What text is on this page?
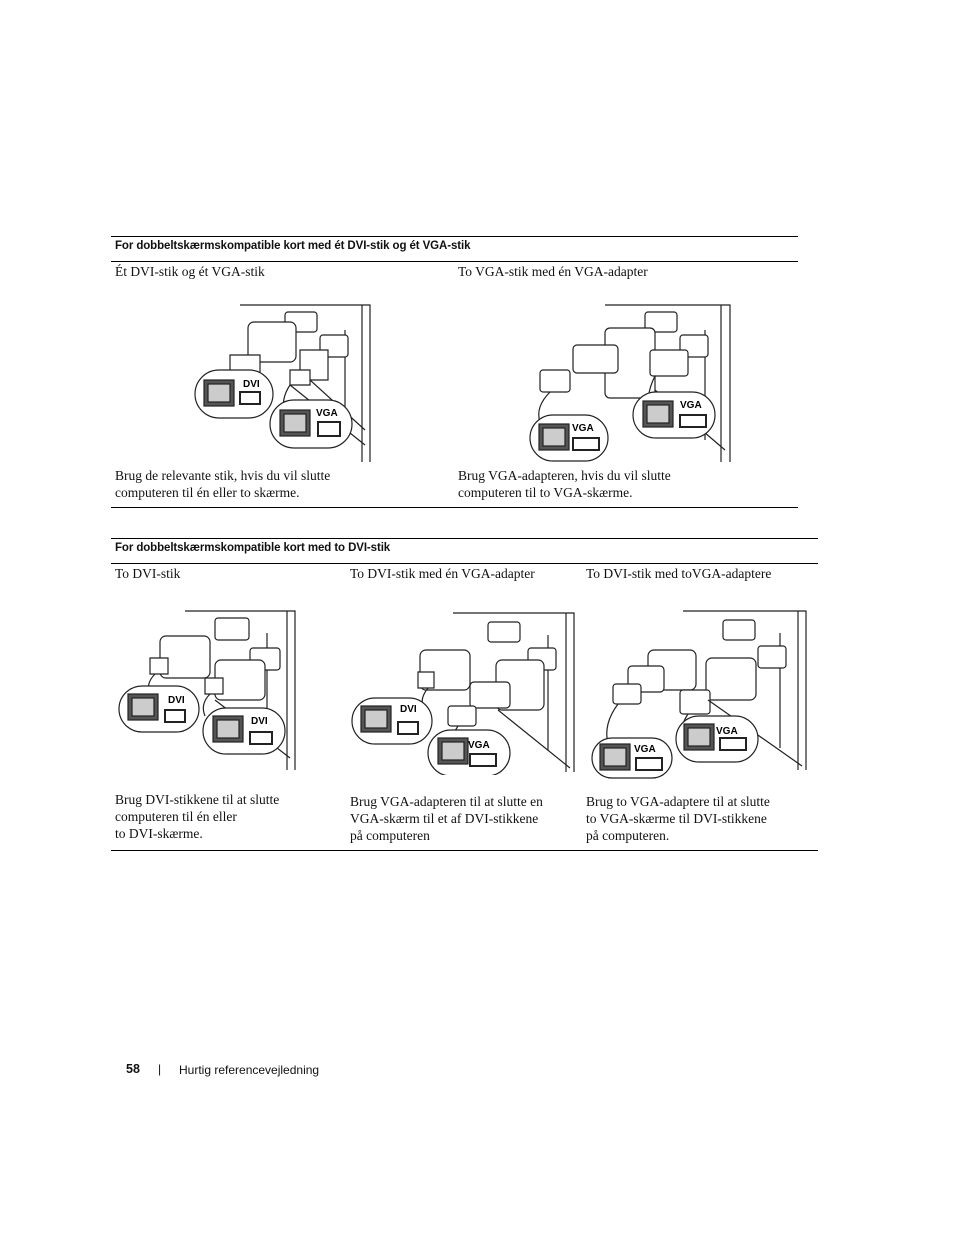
For dobbeltskærmskompatible kort med ét DVI-stik og ét VGA-stik
Ét DVI-stik og ét VGA-stik	To VGA-stik med én VGA-adapter
DVI
VGA
VGA
VGA
Brug de relevante stik, hvis du vil slutte
computeren til én eller to skærme.
Brug VGA-adapteren, hvis du vil slutte
computeren til to VGA-skærme.
For dobbeltskærmskompatible kort med to DVI-stik
To DVI-stik	To DVI-stik med én VGA-adapter	To DVI-stik med toVGA-adaptere
DVI
DVI
DVI
VGA	VGA
VGA
Brug DVI-stikkene til at slutte
computeren til én eller
to DVI-skærme.
Brug VGA-adapteren til at slutte en
VGA-skærm til et af DVI-stikkene
på computeren
Brug to VGA-adaptere til at slutte
to VGA-skærme til DVI-stikkene
på computeren.
58 | Hurtig referencevejledning
